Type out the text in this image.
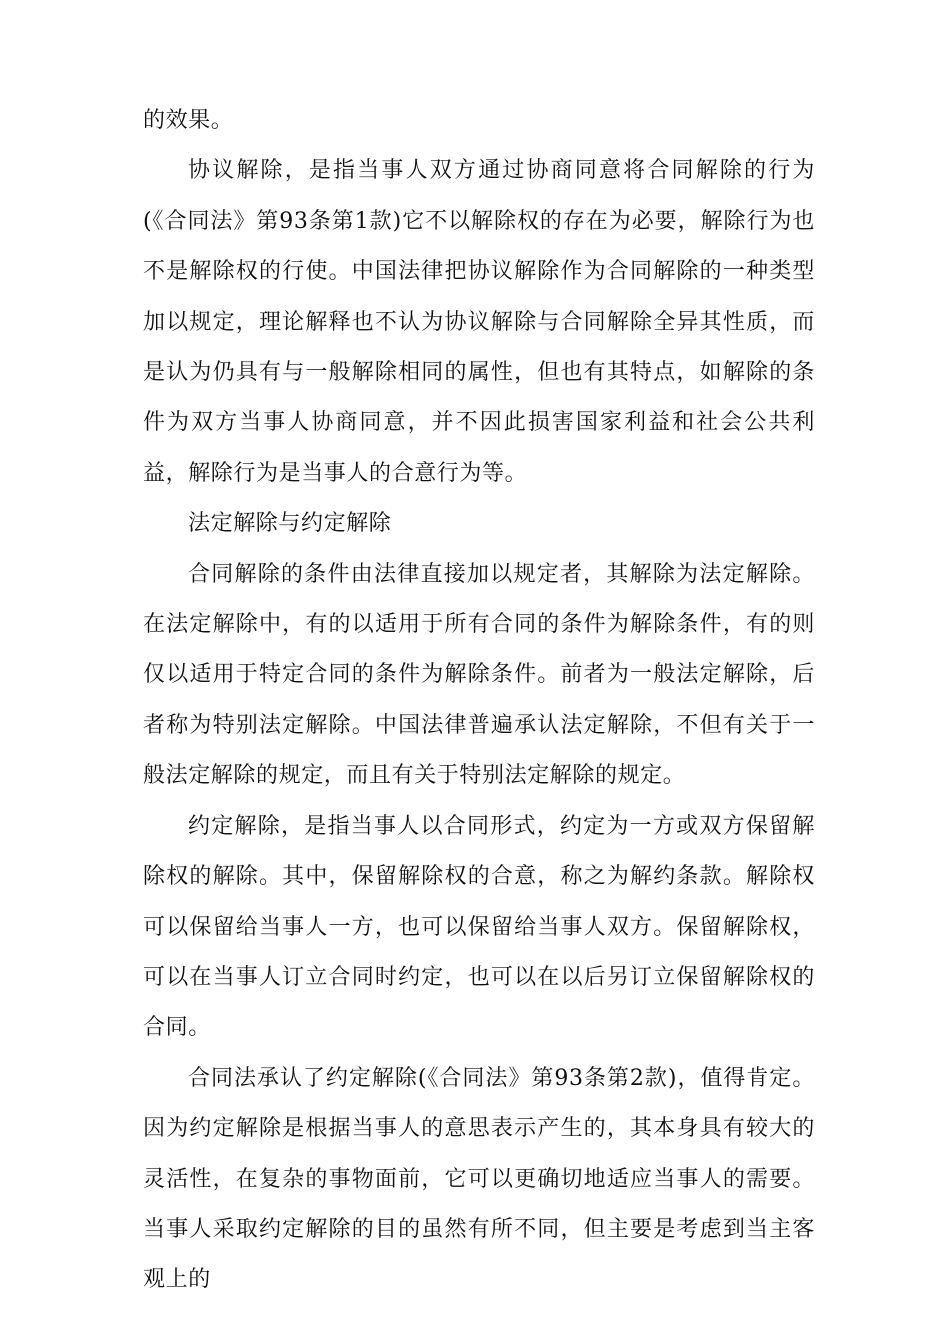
的效果。

协议解除，是指当事人双方通过协商同意将合同解除的行为(《合同法》第93条第1款)它不以解除权的存在为必要，解除行为也不是解除权的行使。中国法律把协议解除作为合同解除的一种类型加以规定，理论解释也不认为协议解除与合同解除全异其性质，而是认为仍具有与一般解除相同的属性，但也有其特点，如解除的条件为双方当事人协商同意，并不因此损害国家利益和社会公共利益，解除行为是当事人的合意行为等。

法定解除与约定解除

合同解除的条件由法律直接加以规定者，其解除为法定解除。在法定解除中，有的以适用于所有合同的条件为解除条件，有的则仅以适用于特定合同的条件为解除条件。前者为一般法定解除，后者称为特别法定解除。中国法律普遍承认法定解除，不但有关于一般法定解除的规定，而且有关于特别法定解除的规定。

约定解除，是指当事人以合同形式，约定为一方或双方保留解除权的解除。其中，保留解除权的合意，称之为解约条款。解除权可以保留给当事人一方，也可以保留给当事人双方。保留解除权，可以在当事人订立合同时约定，也可以在以后另订立保留解除权的合同。

合同法承认了约定解除(《合同法》第93条第2款)，值得肯定。因为约定解除是根据当事人的意思表示产生的，其本身具有较大的灵活性，在复杂的事物面前，它可以更确切地适应当事人的需要。当事人采取约定解除的目的虽然有所不同，但主要是考虑到当主客观上的
